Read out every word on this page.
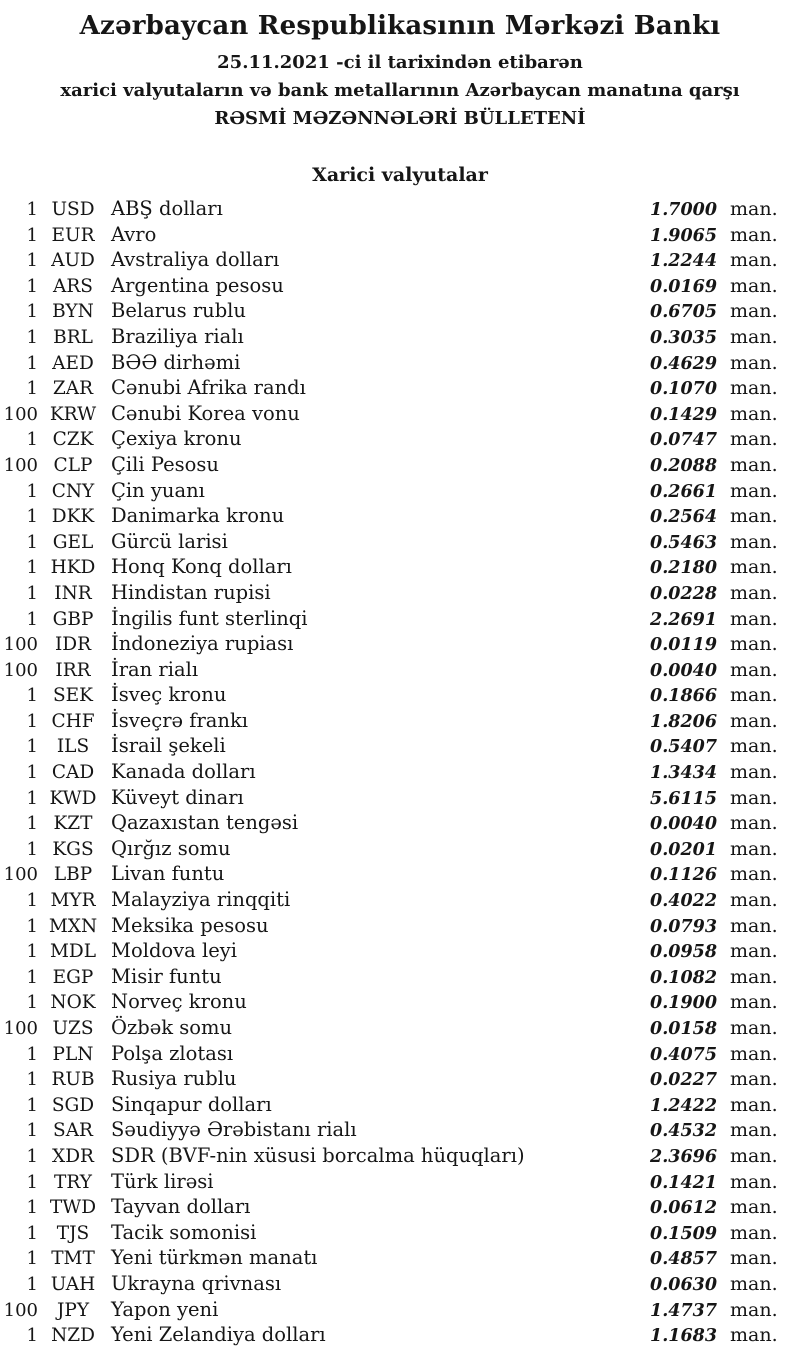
Azərbaycan Respublikasının Mərkəzi Bankı
25.11.2021 -ci il tarixindən etibarən
xarici valyutaların və bank metallarının Azərbaycan manatına qarşı
RƏSMİ MƏZƏNNƏLƏRİ BÜLLETENİ
Xarici valyutalar
1 USD ABŞ dolları	1.7000 man.
1 EUR Avro	1.9065 man.
1 AUD Avstraliya dolları	1.2244 man.
1 ARS Argentina pesosu	0.0169 man.
1 BYN Belarus rublu	0.6705 man.
1 BRL Braziliya rialı	0.3035 man.
1 AED BƏƏ dirhəmi	0.4629 man.
1 ZAR Cənubi Afrika randı	0.1070 man.
100 KRW Cənubi Korea vonu	0.1429 man.
1 CZK Çexiya kronu	0.0747 man.
100 CLP Çili Pesosu	0.2088 man.
1 CNY Çin yuanı	0.2661 man.
1 DKK Danimarka kronu	0.2564 man.
1 GEL Gürcü larisi	0.5463 man.
1 HKD Honq Konq dolları	0.2180 man.
1 INR Hindistan rupisi	0.0228 man.
1 GBP İngilis funt sterlinqi	2.2691 man.
100 IDR	İndoneziya rupiası	0.0119 man.
100 IRR	İran rialı	0.0040 man.
1 SEK İsveç kronu	0.1866 man.
1 CHF İsveçrə frankı	1.8206 man.
1	ILS	İsrail şekeli	0.5407 man.
1 CAD Kanada dolları	1.3434 man.
1 KWD Küveyt dinarı	5.6115 man.
1 KZT Qazaxıstan tengəsi	0.0040 man.
1 KGS Qırğız somu	0.0201 man.
100 LBP Livan funtu	0.1126 man.
1 MYR Malayziya rinqqiti	0.4022 man.
1 MXN Meksika pesosu	0.0793 man.
1 MDL Moldova leyi	0.0958 man.
1 EGP Misir funtu	0.1082 man.
1 NOK Norveç kronu	0.1900 man.
100 UZS Özbək somu	0.0158 man.
1 PLN Polşa zlotası	0.4075 man.
1 RUB Rusiya rublu	0.0227 man.
1 SGD Sinqapur dolları	1.2422 man.
1 SAR Səudiyyə Ərəbistanı rialı	0.4532 man.
1 XDR SDR (BVF-nin xüsusi borcalma hüquqları)	2.3696 man.
1 TRY Türk lirəsi	0.1421 man.
1 TWD Tayvan dolları	0.0612 man.
1	TJS	Tacik somonisi	0.1509 man.
1 TMT Yeni türkmən manatı	0.4857 man.
1 UAH Ukrayna qrivnası	0.0630 man.
100	JPY	Yapon yeni	1.4737 man.
1 NZD Yeni Zelandiya dolları	1.1683 man.
